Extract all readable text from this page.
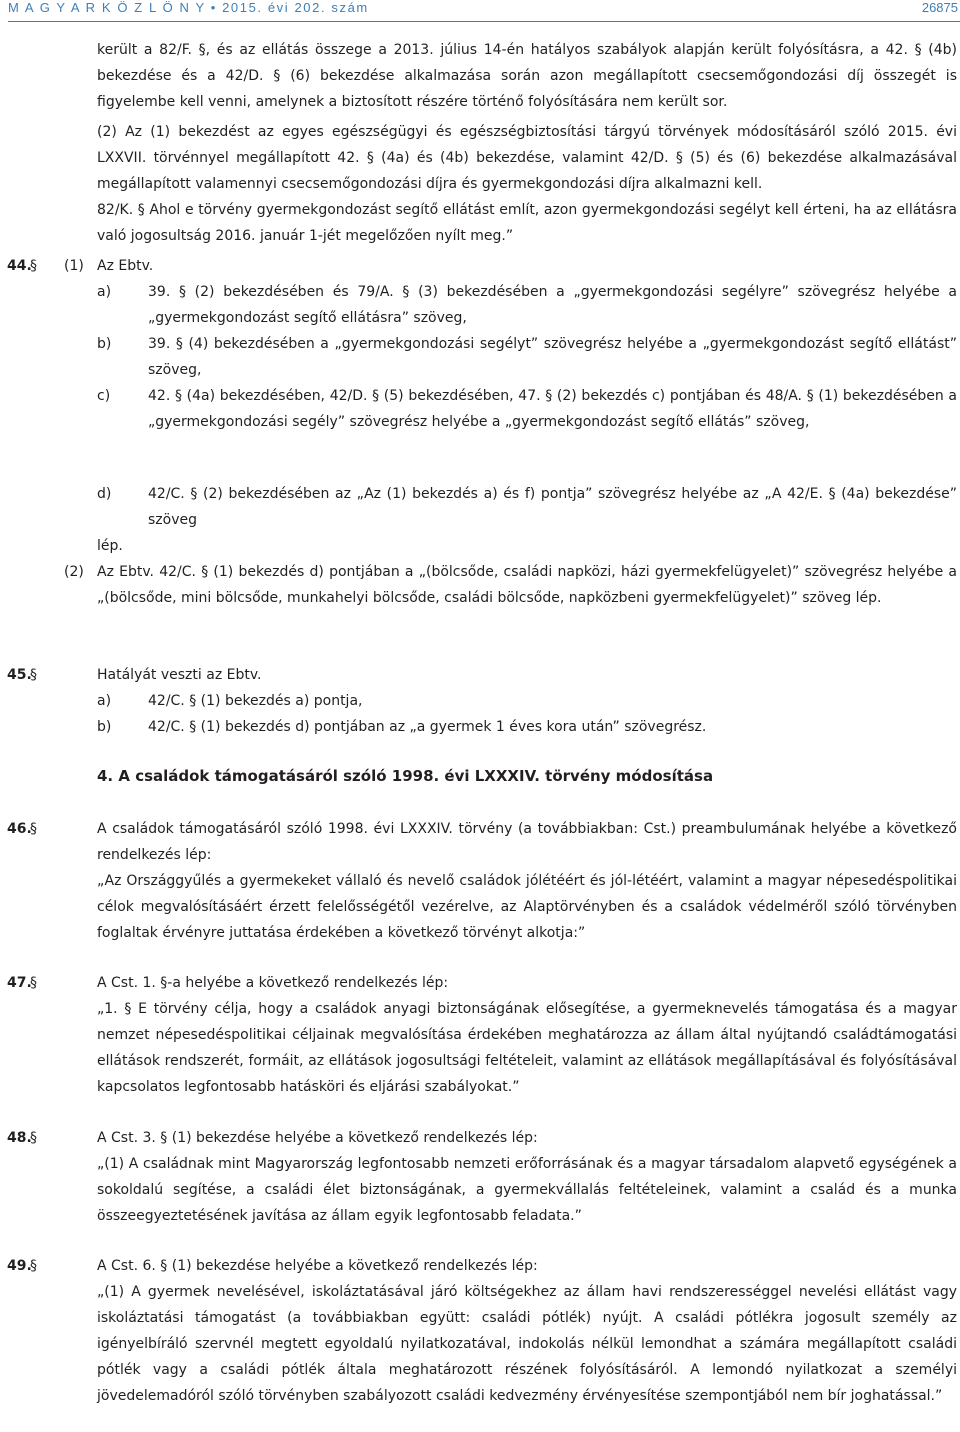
M A G Y A R K Ö Z L Ö N Y • 2015. évi 202. szám	26875
került a 82/F. §, és az ellátás összege a 2013. július 14-én hatályos szabályok alapján került folyósításra, a 42. § (4b) bekezdése és a 42/D. § (6) bekezdése alkalmazása során azon megállapított csecsemőgondozási díj összegét is figyelembe kell venni, amelynek a biztosított részére történő folyósítására nem került sor.
(2) Az (1) bekezdést az egyes egészségügyi és egészségbiztosítási tárgyú törvények módosításáról szóló 2015. évi LXXVII. törvénnyel megállapított 42. § (4a) és (4b) bekezdése, valamint 42/D. § (5) és (6) bekezdése alkalmazásával megállapított valamennyi csecsemőgondozási díjra és gyermekgondozási díjra alkalmazni kell.
82/K. § Ahol e törvény gyermekgondozást segítő ellátást említ, azon gyermekgondozási segélyt kell érteni, ha az ellátásra való jogosultság 2016. január 1-jét megelőzően nyílt meg.”
44.
§ (1) Az Ebtv.
a)	39. § (2) bekezdésében és 79/A. § (3) bekezdésében a „gyermekgondozási segélyre” szövegrész helyébe a „gyermekgondozást segítő ellátásra” szöveg,
b)	39. § (4) bekezdésében a „gyermekgondozási segélyt” szövegrész helyébe a „gyermekgondozást segítő ellátást” szöveg,
c)	42. § (4a) bekezdésében, 42/D. § (5) bekezdésében, 47. § (2) bekezdés c) pontjában és 48/A. § (1) bekezdésében a „gyermekgondozási segély” szövegrész helyébe a „gyermekgondozást segítő ellátás” szöveg,
d)	42/C. § (2) bekezdésében az „Az (1) bekezdés a) és f) pontja” szövegrész helyébe az „A 42/E. § (4a) bekezdése” szöveg
lép.
(2) Az Ebtv. 42/C. § (1) bekezdés d) pontjában a „(bölcsőde, családi napközi, házi gyermekfelügyelet)” szövegrész helyébe a „(bölcsőde, mini bölcsőde, munkahelyi bölcsőde, családi bölcsőde, napközbeni gyermekfelügyelet)” szöveg lép.
45.
§	Hatályát veszti az Ebtv.
a)	42/C. § (1) bekezdés a) pontja,
b)	42/C. § (1) bekezdés d) pontjában az „a gyermek 1 éves kora után” szövegrész.
4. A családok támogatásáról szóló 1998. évi LXXXIV. törvény módosítása
46.
§	A családok támogatásáról szóló 1998. évi LXXXIV. törvény (a továbbiakban: Cst.) preambulumának helyébe a következő rendelkezés lép:
„Az Országgyűlés a gyermekeket vállaló és nevelő családok jólétéért és jól-létéért, valamint a magyar népesedéspolitikai célok megvalósításáért érzett felelősségétől vezérelve, az Alaptörvényben és a családok védelméről szóló törvényben foglaltak érvényre juttatása érdekében a következő törvényt alkotja:”
47.
§	A Cst. 1. §-a helyébe a következő rendelkezés lép:
„1. § E törvény célja, hogy a családok anyagi biztonságának elősegítése, a gyermeknevelés támogatása és a magyar nemzet népesedéspolitikai céljainak megvalósítása érdekében meghatározza az állam által nyújtandó családtámogatási ellátások rendszerét, formáit, az ellátások jogosultsági feltételeit, valamint az ellátások megállapításával és folyósításával kapcsolatos legfontosabb hatásköri és eljárási szabályokat.”
48.
§	A Cst. 3. § (1) bekezdése helyébe a következő rendelkezés lép:
„(1) A családnak mint Magyarország legfontosabb nemzeti erőforrásának és a magyar társadalom alapvető egységének a sokoldalú segítése, a családi élet biztonságának, a gyermekvállalás feltételeinek, valamint a család és a munka összeegyeztetésének javítása az állam egyik legfontosabb feladata.”
49.
§	A Cst. 6. § (1) bekezdése helyébe a következő rendelkezés lép:
„(1) A gyermek nevelésével, iskoláztatásával járó költségekhez az állam havi rendszerességgel nevelési ellátást vagy iskoláztatási támogatást (a továbbiakban együtt: családi pótlék) nyújt. A családi pótlékra jogosult személy az igényelbíráló szervnél megtett egyoldalú nyilatkozatával, indokolás nélkül lemondhat a számára megállapított családi pótlék vagy a családi pótlék általa meghatározott részének folyósításáról. A lemondó nyilatkozat a személyi jövedelemadóról szóló törvényben szabályozott családi kedvezmény érvényesítése szempontjából nem bír joghatással.”
